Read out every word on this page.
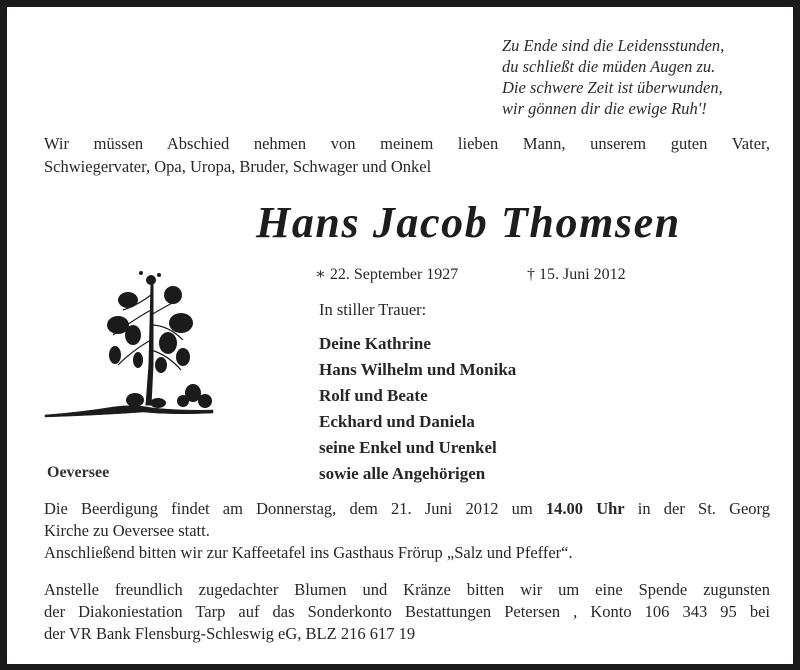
Zu Ende sind die Leidensstunden,
du schließt die müden Augen zu.
Die schwere Zeit ist überwunden,
wir gönnen dir die ewige Ruh'!
Wir müssen Abschied nehmen von meinem lieben Mann, unserem guten Vater,
Schwiegervater, Opa, Uropa, Bruder, Schwager und Onkel
Hans Jacob Thomsen
∗ 22. September 1927	† 15. Juni 2012
Oeversee
In stiller Trauer:
Deine Kathrine
Hans Wilhelm und Monika
Rolf und Beate
Eckhard und Daniela
seine Enkel und Urenkel
sowie alle Angehörigen
Die Beerdigung findet am Donnerstag, dem 21. Juni 2012 um 14.00 Uhr in der St. Georg
Kirche zu Oeversee statt.
Anschließend bitten wir zur Kaffeetafel ins Gasthaus Frörup „Salz und Pfeffer“.
Anstelle freundlich zugedachter Blumen und Kränze bitten wir um eine Spende zugunsten
der Diakoniestation Tarp auf das Sonderkonto Bestattungen Petersen , Konto 106 343 95 bei
der VR Bank Flensburg-Schleswig eG, BLZ 216 617 19
